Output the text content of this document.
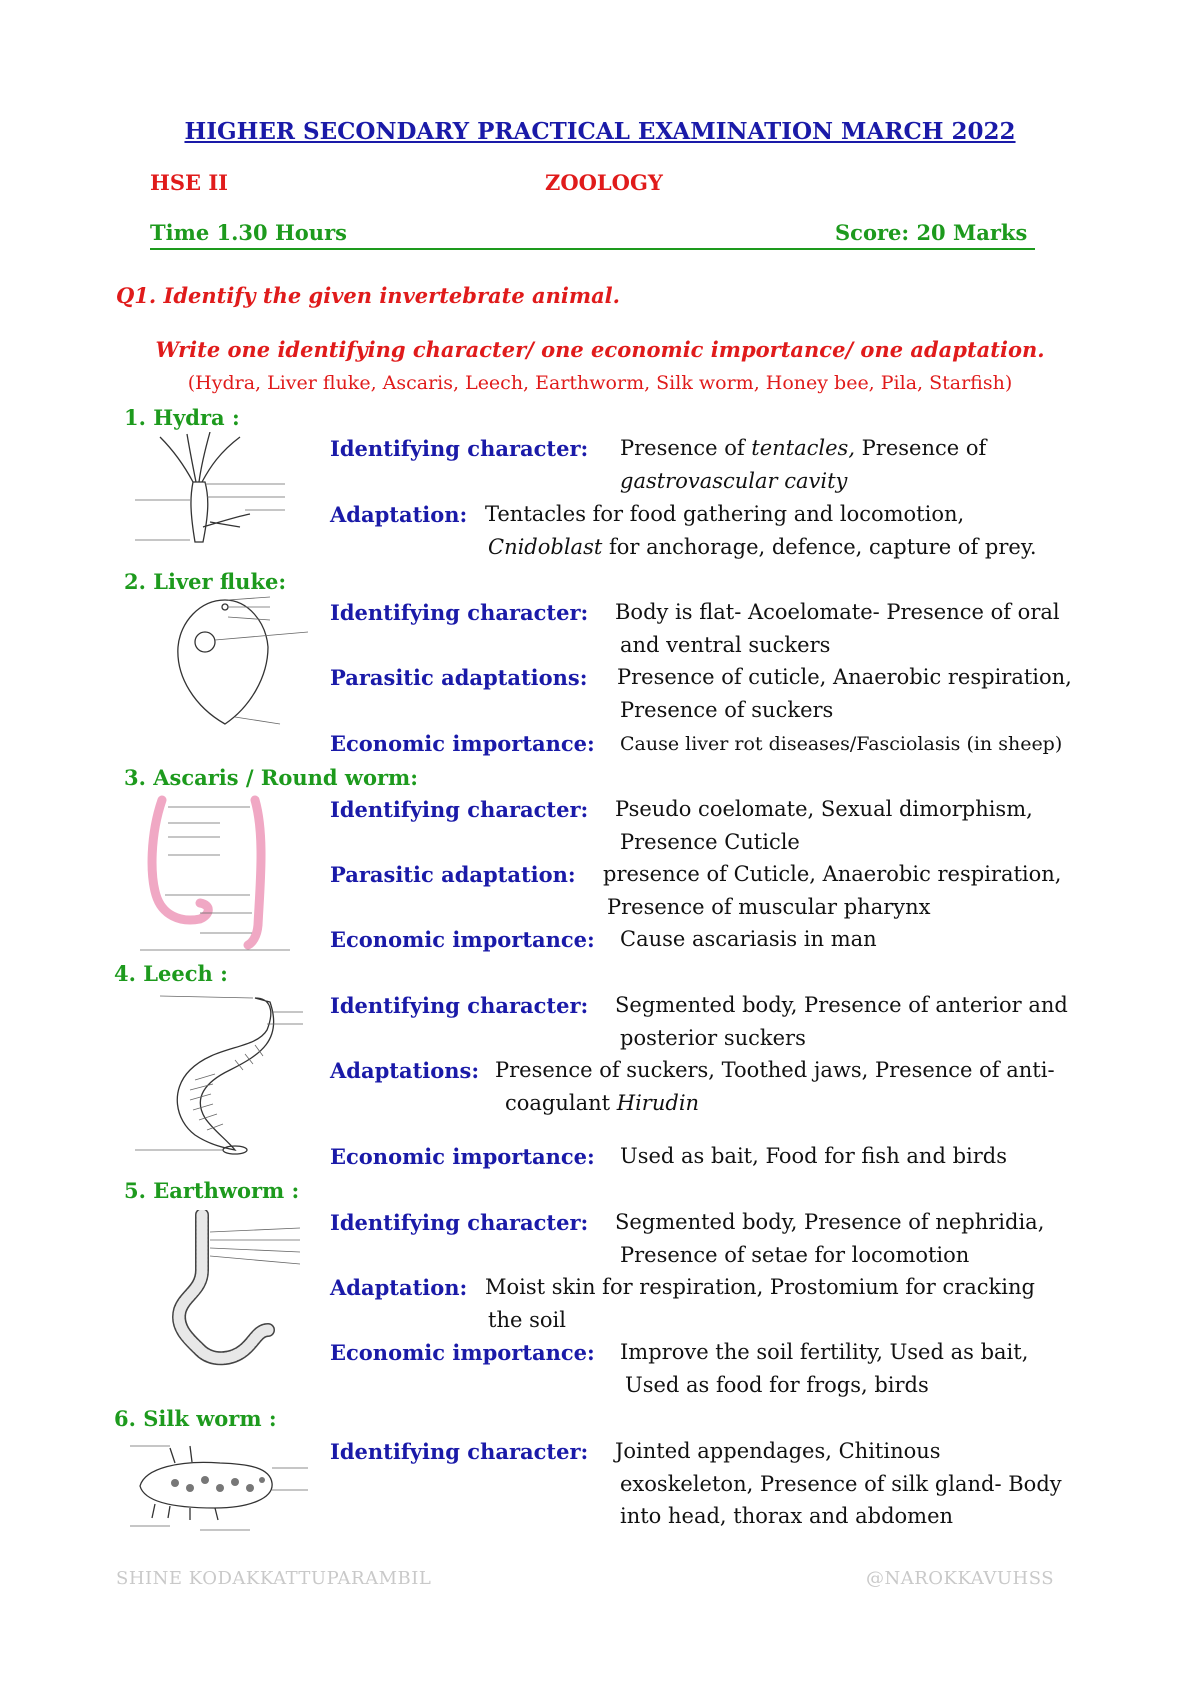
HIGHER SECONDARY PRACTICAL EXAMINATION MARCH 2022
HSE II	ZOOLOGY
Time 1.30 Hours	Score: 20 Marks
Q1. Identify the given invertebrate animal.
Write one identifying character/ one economic importance/ one adaptation.
(Hydra, Liver fluke, Ascaris, Leech, Earthworm, Silk worm, Honey bee, Pila, Starfish)
1. Hydra :
Identifying character: Presence of tentacles, Presence of
gastrovascular cavity
Adaptation: Tentacles for food gathering and locomotion,
Cnidoblast for anchorage, defence, capture of prey.
2. Liver fluke:
Identifying character: Body is flat- Acoelomate- Presence of oral
and ventral suckers
Parasitic adaptations: Presence of cuticle, Anaerobic respiration,
Presence of suckers
Economic importance: Cause liver rot diseases/Fasciolasis (in sheep)
3. Ascaris / Round worm:
Identifying character: Pseudo coelomate, Sexual dimorphism,
Presence Cuticle
Parasitic adaptation: presence of Cuticle, Anaerobic respiration,
Presence of muscular pharynx
Economic importance: Cause ascariasis in man
4. Leech :
Identifying character: Segmented body, Presence of anterior and
posterior suckers
Adaptations: Presence of suckers, Toothed jaws, Presence of anti-
coagulant Hirudin
Economic importance: Used as bait, Food for fish and birds
5. Earthworm :
Identifying character: Segmented body, Presence of nephridia,
Presence of setae for locomotion
Adaptation: Moist skin for respiration, Prostomium for cracking
the soil
Economic importance: Improve the soil fertility, Used as bait,
Used as food for frogs, birds
6. Silk worm :
Identifying character: Jointed appendages, Chitinous
exoskeleton, Presence of silk gland- Body
into head, thorax and abdomen
SHINE KODAKKATTUPARAMBIL	@NAROKKAVUHSS
